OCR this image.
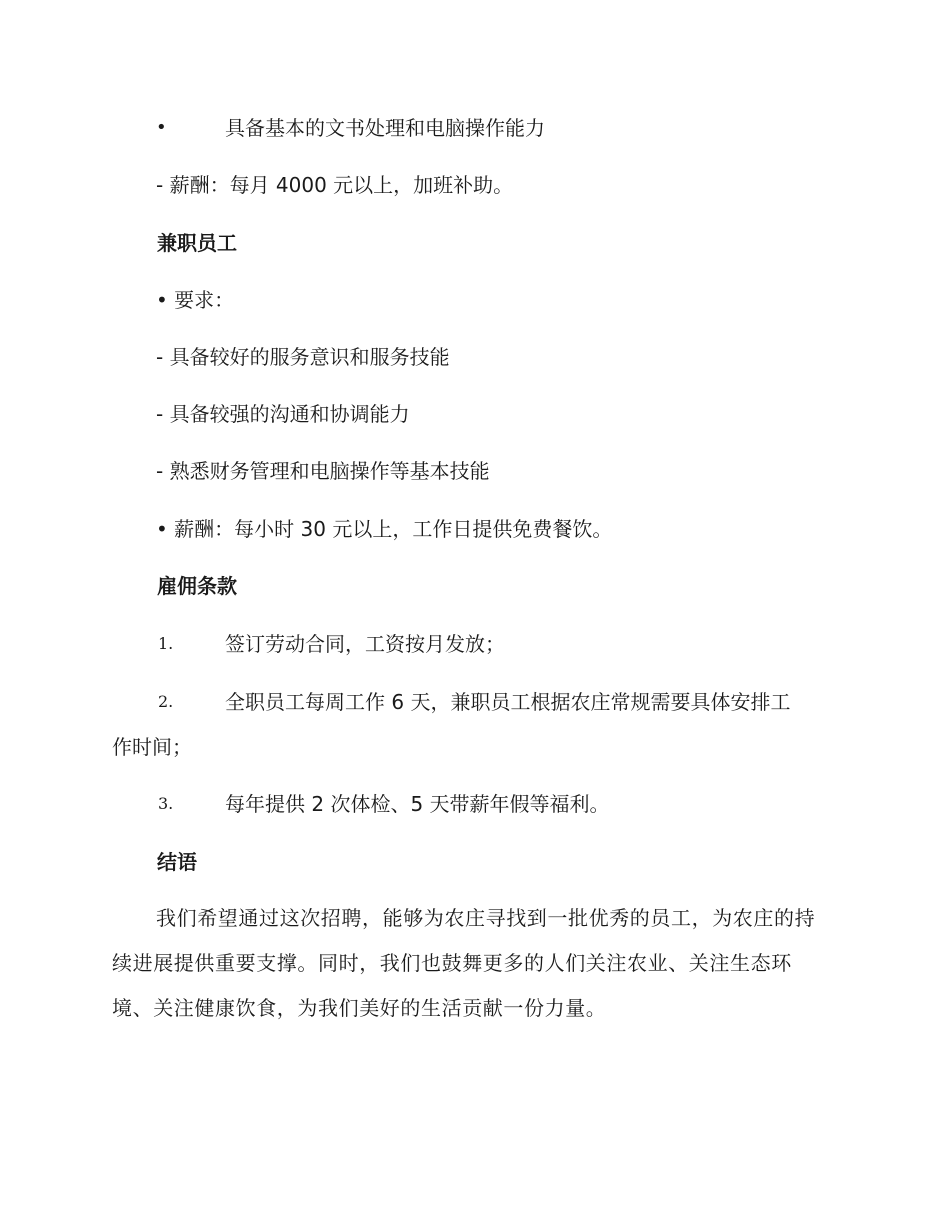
•	具备基本的文书处理和电脑操作能力
- 薪酬：每月 4000 元以上，加班补助。
兼职员工
• 要求：
- 具备较好的服务意识和服务技能
- 具备较强的沟通和协调能力
- 熟悉财务管理和电脑操作等基本技能
• 薪酬：每小时 30 元以上，工作日提供免费餐饮。
雇佣条款
1.	签订劳动合同，工资按月发放；
2.	全职员工每周工作 6 天，兼职员工根据农庄常规需要具体安排工
作时间；
3.	每年提供 2 次体检、5 天带薪年假等福利。
结语
我们希望通过这次招聘，能够为农庄寻找到一批优秀的员工，为农庄的持续进展提供重要支撑。同时，我们也鼓舞更多的人们关注农业、关注生态环境、关注健康饮食，为我们美好的生活贡献一份力量。
